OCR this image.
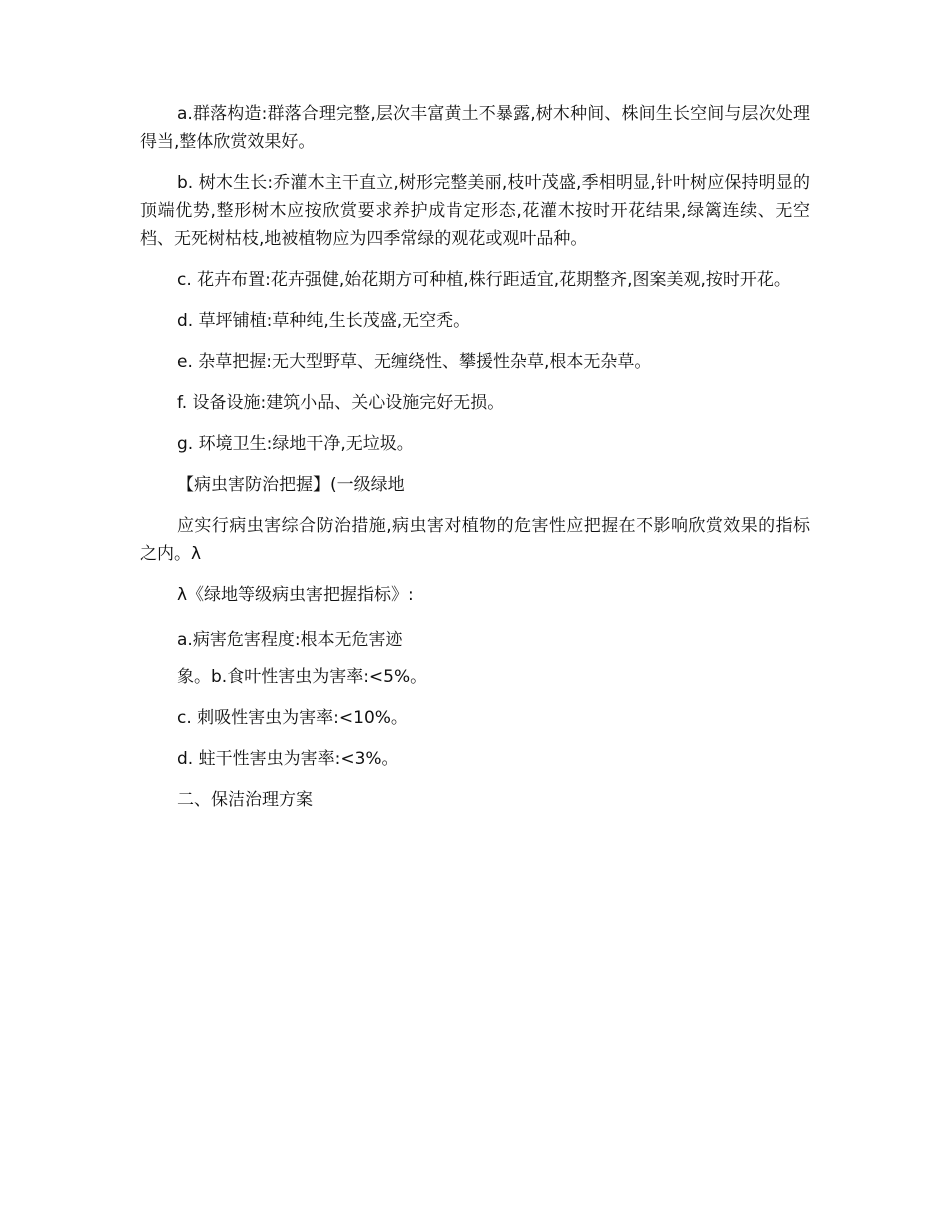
a.群落构造:群落合理完整,层次丰富黄土不暴露,树木种间、株间生长空间与层次处理得当,整体欣赏效果好。

b. 树木生长:乔灌木主干直立,树形完整美丽,枝叶茂盛,季相明显,针叶树应保持明显的顶端优势,整形树木应按欣赏要求养护成肯定形态,花灌木按时开花结果,绿篱连续、无空档、无死树枯枝,地被植物应为四季常绿的观花或观叶品种。

c. 花卉布置:花卉强健,始花期方可种植,株行距适宜,花期整齐,图案美观,按时开花。

d. 草坪铺植:草种纯,生长茂盛,无空秃。

e. 杂草把握:无大型野草、无缠绕性、攀援性杂草,根本无杂草。

f. 设备设施:建筑小品、关心设施完好无损。

g. 环境卫生:绿地干净,无垃圾。

【病虫害防治把握】(一级绿地

应实行病虫害综合防治措施,病虫害对植物的危害性应把握在不影响欣赏效果的指标之内。λ

λ《绿地等级病虫害把握指标》:

a.病害危害程度:根本无危害迹

象。b.食叶性害虫为害率:<5%。

c. 刺吸性害虫为害率:<10%。

d. 蛀干性害虫为害率:<3%。

二、保洁治理方案
